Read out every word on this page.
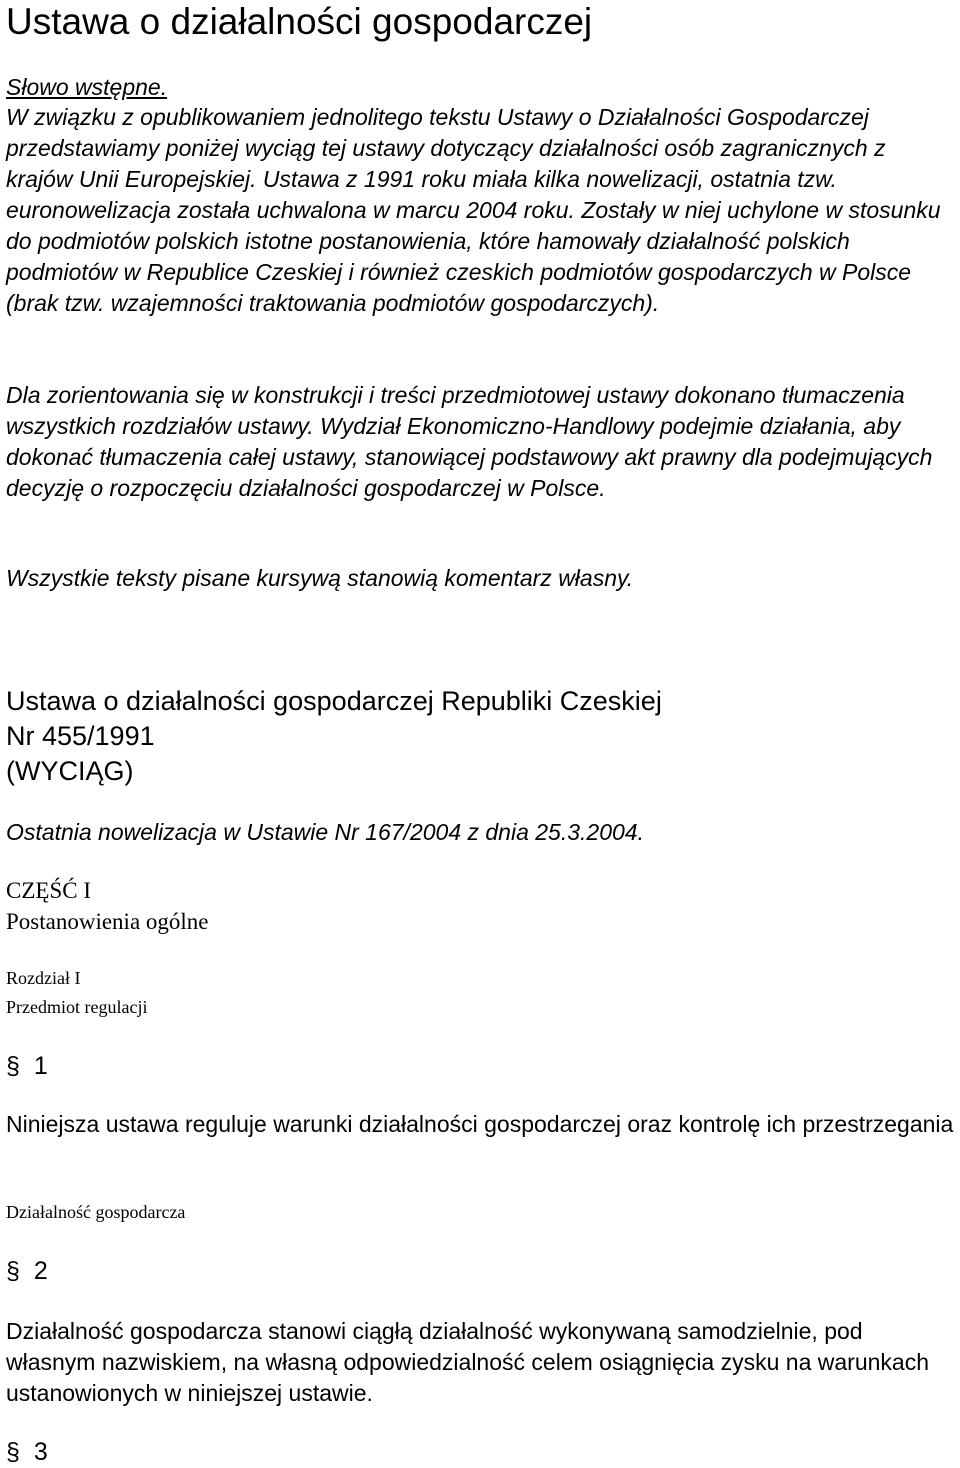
Ustawa o działalności gospodarczej

Słowo wstępne.

W związku z opublikowaniem jednolitego tekstu Ustawy o Działalności Gospodarczej przedstawiamy poniżej wyciąg tej ustawy dotyczący działalności osób zagranicznych z krajów Unii Europejskiej. Ustawa z 1991 roku miała kilka nowelizacji, ostatnia tzw. euronowelizacja została uchwalona w marcu 2004 roku. Zostały w niej uchylone w stosunku do podmiotów polskich istotne postanowienia, które hamowały działalność polskich podmiotów w Republice Czeskiej i również czeskich podmiotów gospodarczych w Polsce (brak tzw. wzajemności traktowania podmiotów gospodarczych).

Dla zorientowania się w konstrukcji i treści przedmiotowej ustawy dokonano tłumaczenia wszystkich rozdziałów ustawy. Wydział Ekonomiczno-Handlowy podejmie działania, aby dokonać tłumaczenia całej ustawy, stanowiącej podstawowy akt prawny dla podejmujących decyzję o rozpoczęciu działalności gospodarczej w Polsce.

Wszystkie teksty pisane kursywą stanowią komentarz własny.

Ustawa o działalności gospodarczej Republiki Czeskiej

Nr 455/1991

(WYCIĄG)

Ostatnia nowelizacja w Ustawie Nr 167/2004 z dnia 25.3.2004.

CZĘŚĆ I

Postanowienia ogólne

Rozdział I

Przedmiot regulacji

§ 1

Niniejsza ustawa reguluje warunki działalności gospodarczej oraz kontrolę ich przestrzegania

Działalność gospodarcza

§ 2

Działalność gospodarcza stanowi ciągłą działalność wykonywaną samodzielnie, pod własnym nazwiskiem, na własną odpowiedzialność celem osiągnięcia zysku na warunkach ustanowionych w niniejszej ustawie.

§ 3
